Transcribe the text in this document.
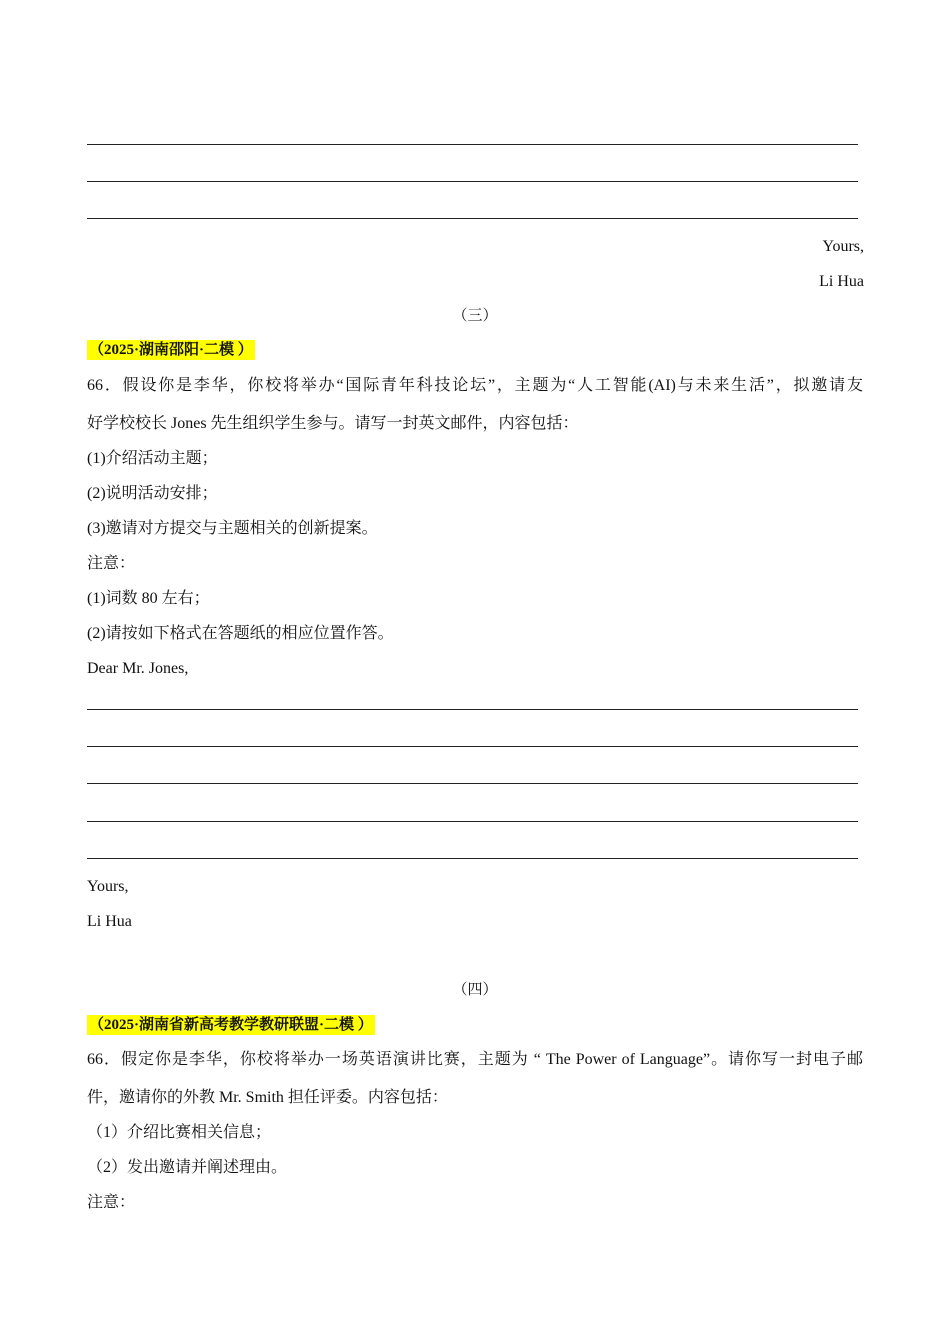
Yours,
Li Hua
（三）
（2025·湖南邵阳·二模 ）
66．假设你是李华，你校将举办“国际青年科技论坛”，主题为“人工智能(AI)与未来生活”，拟邀请友
好学校校长 Jones 先生组织学生参与。请写一封英文邮件，内容包括：
(1)介绍活动主题；
(2)说明活动安排；
(3)邀请对方提交与主题相关的创新提案。
注意：
(1)词数 80 左右；
(2)请按如下格式在答题纸的相应位置作答。
Dear Mr. Jones,
Yours,
Li Hua
（四）
（2025·湖南省新高考教学教研联盟·二模 ）
66．假定你是李华，你校将举办一场英语演讲比赛，主题为 “ The Power of Language”。请你写一封电子邮
件，邀请你的外教 Mr. Smith 担任评委。内容包括：
（1）介绍比赛相关信息；
（2）发出邀请并阐述理由。
注意：
